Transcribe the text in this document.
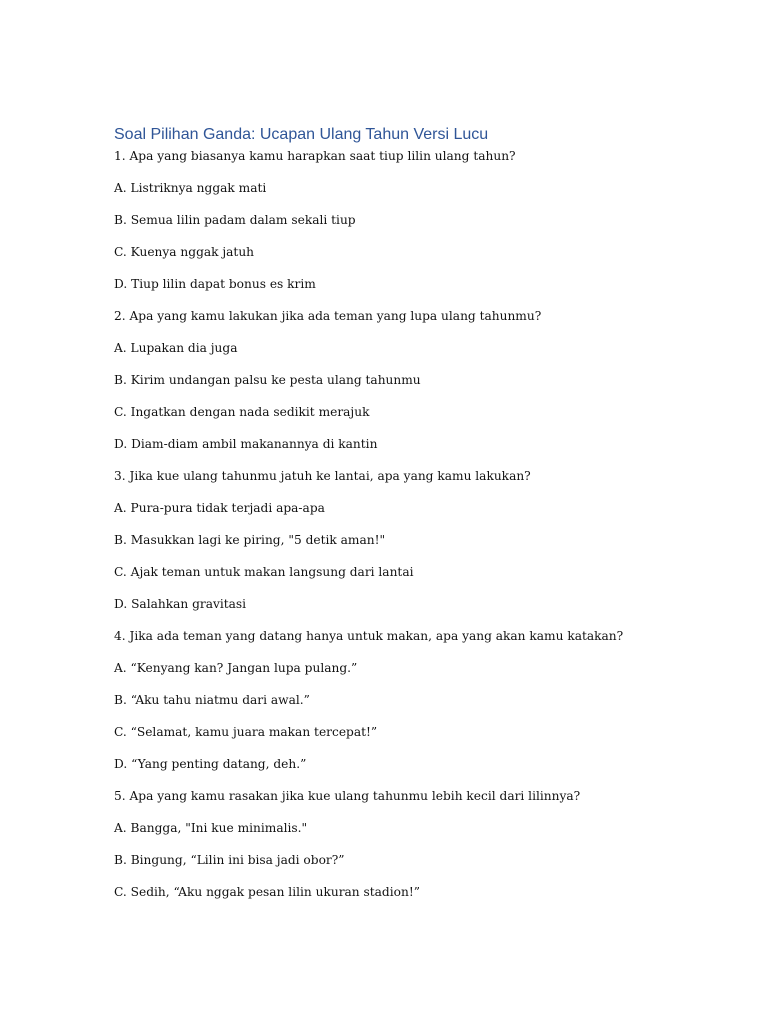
Soal Pilihan Ganda: Ucapan Ulang Tahun Versi Lucu
1. Apa yang biasanya kamu harapkan saat tiup lilin ulang tahun?
A. Listriknya nggak mati
B. Semua lilin padam dalam sekali tiup
C. Kuenya nggak jatuh
D. Tiup lilin dapat bonus es krim
2. Apa yang kamu lakukan jika ada teman yang lupa ulang tahunmu?
A. Lupakan dia juga
B. Kirim undangan palsu ke pesta ulang tahunmu
C. Ingatkan dengan nada sedikit merajuk
D. Diam-diam ambil makanannya di kantin
3. Jika kue ulang tahunmu jatuh ke lantai, apa yang kamu lakukan?
A. Pura-pura tidak terjadi apa-apa
B. Masukkan lagi ke piring, "5 detik aman!"
C. Ajak teman untuk makan langsung dari lantai
D. Salahkan gravitasi
4. Jika ada teman yang datang hanya untuk makan, apa yang akan kamu katakan?
A. “Kenyang kan? Jangan lupa pulang.”
B. “Aku tahu niatmu dari awal.”
C. “Selamat, kamu juara makan tercepat!”
D. “Yang penting datang, deh.”
5. Apa yang kamu rasakan jika kue ulang tahunmu lebih kecil dari lilinnya?
A. Bangga, "Ini kue minimalis."
B. Bingung, “Lilin ini bisa jadi obor?”
C. Sedih, “Aku nggak pesan lilin ukuran stadion!”
